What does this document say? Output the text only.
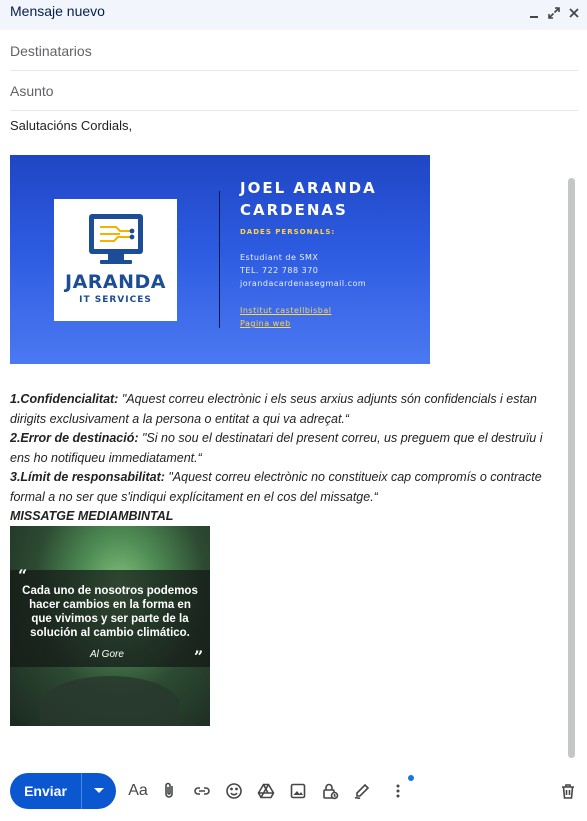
Mensaje nuevo
Destinatarios
Asunto
Salutacións Cordials,
JARANDA
IT SERVICES
JOEL ARANDA
CARDENAS
DADES PERSONALS:
Estudiant de SMX
TEL. 722 788 370
jorandacardenasegmail.com
Institut castellbisbal
Pagina web

1.Confidencialitat: "Aquest correu electrònic i els seus arxius adjunts són confidencials i estan dirigits exclusivament a la persona o entitat a qui va adreçat.“

2.Error de destinació: "Si no sou el destinatari del present correu, us preguem que el destruïu i ens ho notifiqueu immediatament.“

3.Límit de responsabilitat: "Aquest correu electrònic no constitueix cap compromís o contracte formal a no ser que s'indiqui explícitament en el cos del missatge.“

MISSATGE MEDIAMBINTAL

“
Cada uno de nosotros podemos hacer cambios en la forma en que vivimos y ser parte de la solución al cambio climático.
Al Gore	”
Enviar	Aa
